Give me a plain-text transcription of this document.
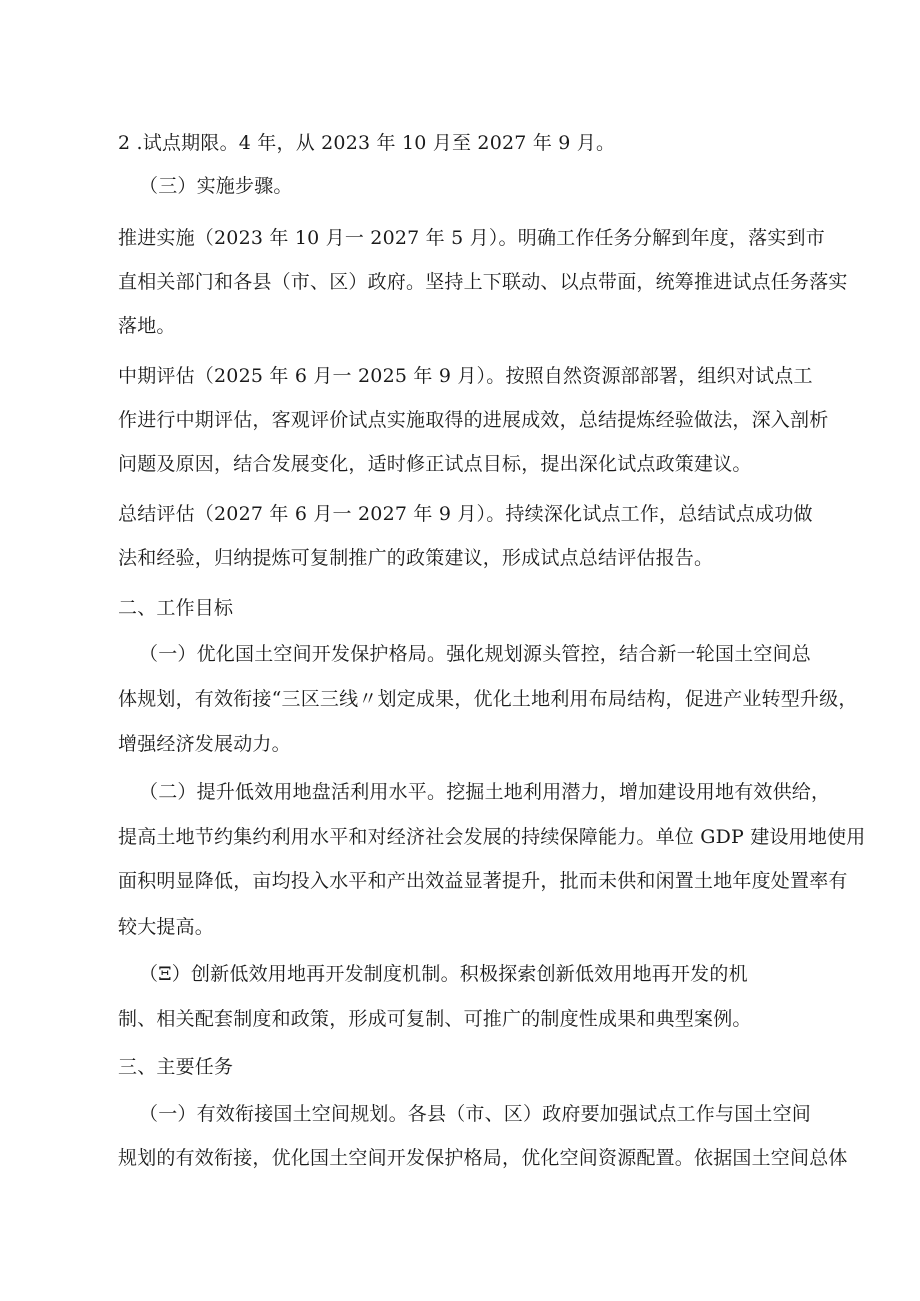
2 .试点期限。4 年，从 2023 年 10 月至 2027 年 9 月。
（三）实施步骤。
推进实施（2023 年 10 月一 2027 年 5 月）。明确工作任务分解到年度，落实到市
直相关部门和各县（市、区）政府。坚持上下联动、以点带面，统筹推进试点任务落实
落地。
中期评估（2025 年 6 月一 2025 年 9 月）。按照自然资源部部署，组织对试点工
作进行中期评估，客观评价试点实施取得的进展成效，总结提炼经验做法，深入剖析
问题及原因，结合发展变化，适时修正试点目标，提出深化试点政策建议。
总结评估（2027 年 6 月一 2027 年 9 月）。持续深化试点工作，总结试点成功做
法和经验，归纳提炼可复制推广的政策建议，形成试点总结评估报告。
二、工作目标
（一）优化国土空间开发保护格局。强化规划源头管控，结合新一轮国土空间总
体规划，有效衔接“三区三线〃划定成果，优化土地利用布局结构，促进产业转型升级，
增强经济发展动力。
（二）提升低效用地盘活利用水平。挖掘土地利用潜力，增加建设用地有效供给，
提高土地节约集约利用水平和对经济社会发展的持续保障能力。单位 GDP 建设用地使用
面积明显降低，亩均投入水平和产出效益显著提升，批而未供和闲置土地年度处置率有
较大提高。
（Ξ）创新低效用地再开发制度机制。积极探索创新低效用地再开发的机
制、相关配套制度和政策，形成可复制、可推广的制度性成果和典型案例。
三、主要任务
（一）有效衔接国土空间规划。各县（市、区）政府要加强试点工作与国土空间
规划的有效衔接，优化国土空间开发保护格局，优化空间资源配置。依据国土空间总体
